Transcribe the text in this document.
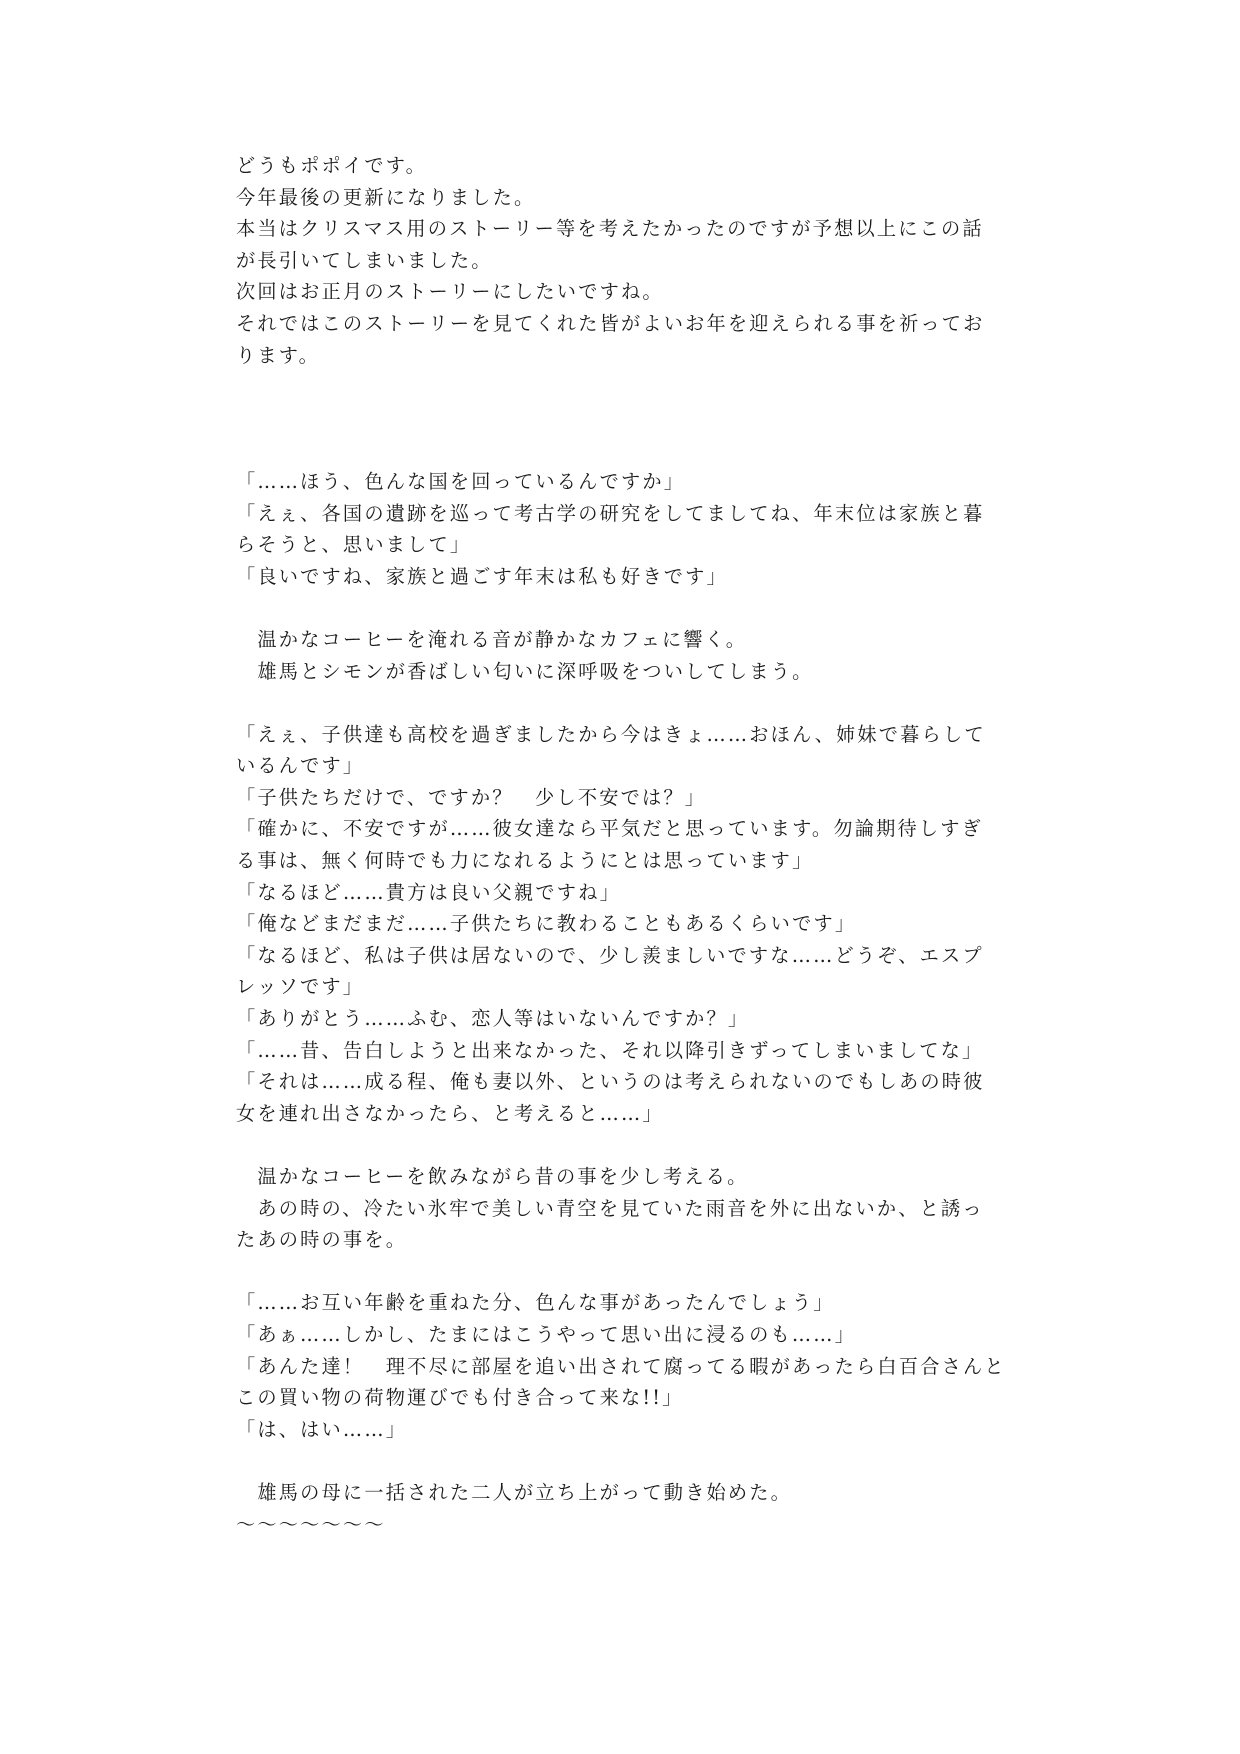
どうもポポイです。
今年最後の更新になりました。
本当はクリスマス用のストーリー等を考えたかったのですが予想以上にこの話
が長引いてしまいました。
次回はお正月のストーリーにしたいですね。
それではこのストーリーを見てくれた皆がよいお年を迎えられる事を祈ってお
ります。
「……ほう、色んな国を回っているんですか」
「えぇ、各国の遺跡を巡って考古学の研究をしてましてね、年末位は家族と暮
らそうと、思いまして」
「良いですね、家族と過ごす年末は私も好きです」
　温かなコーヒーを淹れる音が静かなカフェに響く。
　雄馬とシモンが香ばしい匂いに深呼吸をついしてしまう。
「えぇ、子供達も高校を過ぎましたから今はきょ……おほん、姉妹で暮らして
いるんです」
「子供たちだけで、ですか？　少し不安では？」
「確かに、不安ですが……彼女達なら平気だと思っています。勿論期待しすぎ
る事は、無く何時でも力になれるようにとは思っています」
「なるほど……貴方は良い父親ですね」
「俺などまだまだ……子供たちに教わることもあるくらいです」
「なるほど、私は子供は居ないので、少し羨ましいですな……どうぞ、エスプ
レッソです」
「ありがとう……ふむ、恋人等はいないんですか？」
「……昔、告白しようと出来なかった、それ以降引きずってしまいましてな」
「それは……成る程、俺も妻以外、というのは考えられないのでもしあの時彼
女を連れ出さなかったら、と考えると……」
　温かなコーヒーを飲みながら昔の事を少し考える。
　あの時の、冷たい氷牢で美しい青空を見ていた雨音を外に出ないか、と誘っ
たあの時の事を。
「……お互い年齢を重ねた分、色んな事があったんでしょう」
「あぁ……しかし、たまにはこうやって思い出に浸るのも……」
「あんた達！　理不尽に部屋を追い出されて腐ってる暇があったら白百合さんと
この買い物の荷物運びでも付き合って来な!!」
「は、はい……」
　雄馬の母に一括された二人が立ち上がって動き始めた。
～～～～～～～
